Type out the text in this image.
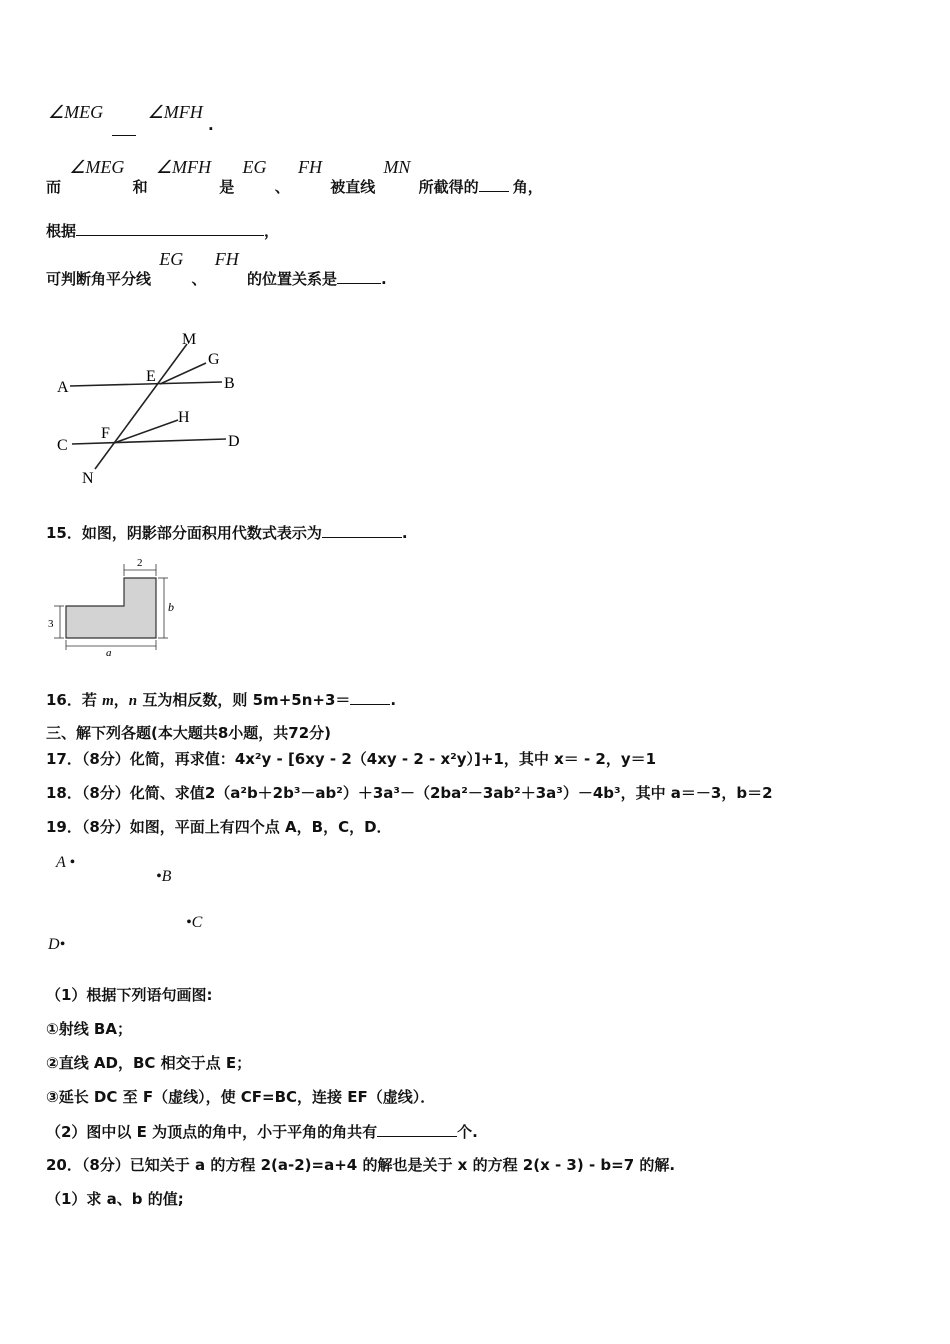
∠MEG ∠MFH .
而 ∠MEG 和 ∠MFH 是 EG 、 FH 被直线 MN 所截得的 角，
根据	，
可判断角平分线 EG 、 FH 的位置关系是	.
M
G
A
E	B
H
F
C	D
N
15．如图，阴影部分面积用代数式表示为	.
2
b
3
a
16．若 m，n 互为相反数，则 5m+5n+3＝	.
三、解下列各题(本大题共8小题，共72分)
17．（8分）化简，再求值：4x²y - [6xy - 2（4xy - 2 - x²y）]+1，其中 x＝ - 2，y＝1
18．（8分）化简、求值2（a²b＋2b³－ab²）＋3a³－（2ba²－3ab²＋3a³）－4b³，其中 a＝－3，b＝2
19．（8分）如图，平面上有四个点 A，B，C，D．
A •
•B
•C
D•
（1）根据下列语句画图:
①射线 BA；
②直线 AD，BC 相交于点 E；
③延长 DC 至 F（虚线），使 CF=BC，连接 EF（虚线）．
（2）图中以 E 为顶点的角中，小于平角的角共有	个.
20．（8分）已知关于 a 的方程 2(a-2)=a+4 的解也是关于 x 的方程 2(x - 3) - b=7 的解.
（1）求 a、b 的值;
